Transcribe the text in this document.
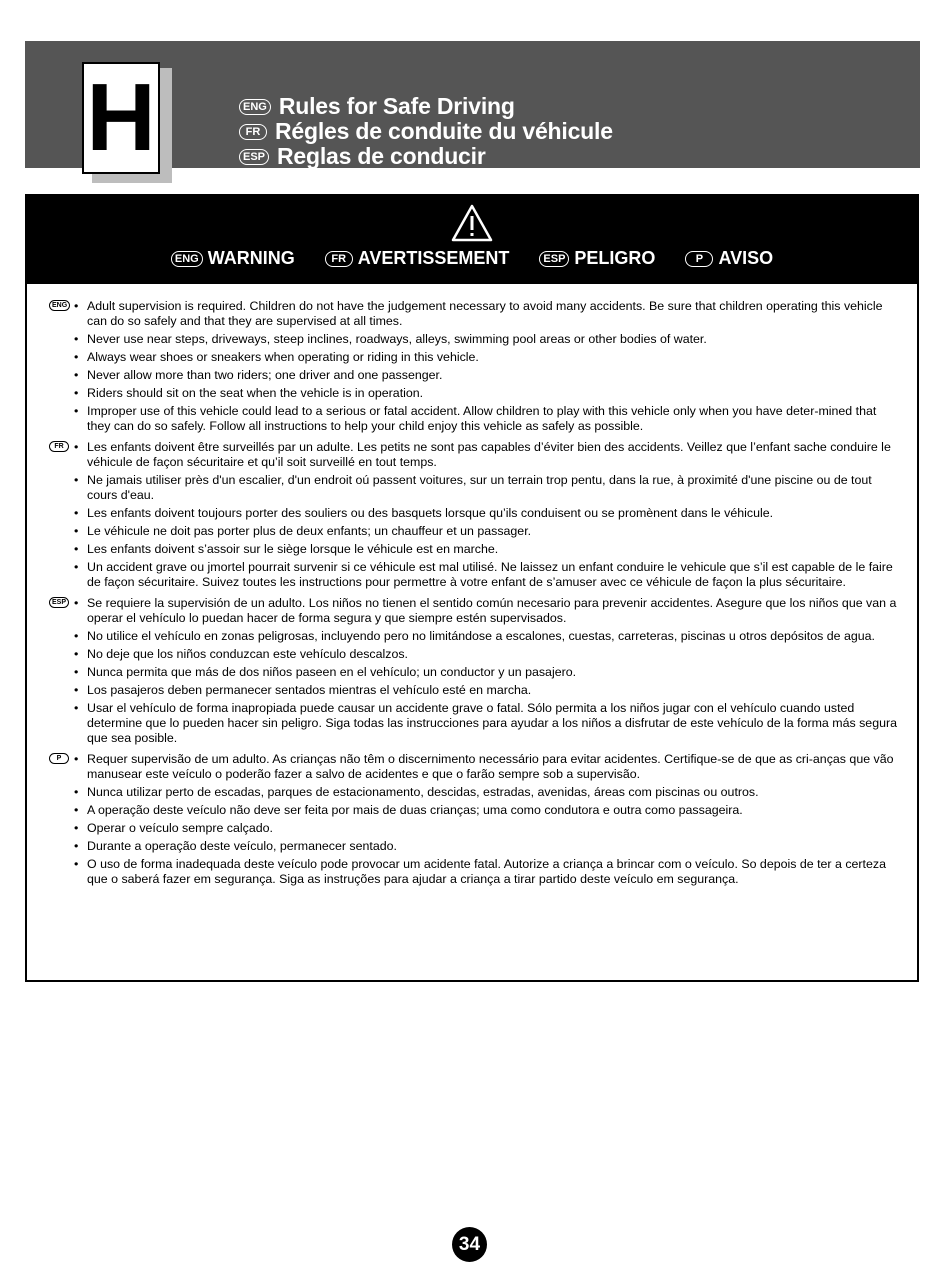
H	ENG Rules for Safe Driving
FR Régles de conduite du véhicule
ESP Reglas de conducir
P Regras Básicas para uma Condução Segura
ENG WARNING	FR AVERTISSEMENT	ESP PELIGRO	P AVISO
ENG • Adult supervision is required. Children do not have the judgement necessary to avoid many accidents. Be sure that children operating this vehicle can do so safely and that they are supervised at all times.
• Never use near steps, driveways, steep inclines, roadways, alleys, swimming pool areas or other bodies of water.
• Always wear shoes or sneakers when operating or riding in this vehicle.
• Never allow more than two riders; one driver and one passenger.
• Riders should sit on the seat when the vehicle is in operation.
• Improper use of this vehicle could lead to a serious or fatal accident. Allow children to play with this vehicle only when you have deter-mined that they can do so safely. Follow all instructions to help your child enjoy this vehicle as safely as possible.
FR • Les enfants doivent être surveillés par un adulte. Les petits ne sont pas capables d’éviter bien des accidents. Veillez que l’enfant sache conduire le véhicule de façon sécuritaire et qu’il soit surveillé en tout temps.
• Ne jamais utiliser près d'un escalier, d'un endroit oú passent voitures, sur un terrain trop pentu, dans la rue, à proximité d'une piscine ou de tout cours d'eau.
• Les enfants doivent toujours porter des souliers ou des basquets lorsque qu’ils conduisent ou se promènent dans le véhicule.
• Le véhicule ne doit pas porter plus de deux enfants; un chauffeur et un passager.
• Les enfants doivent s’assoir sur le siège lorsque le véhicule est en marche.
• Un accident grave ou jmortel pourrait survenir si ce véhicule est mal utilisé. Ne laissez un enfant conduire le vehicule que s’il est capable de le faire de façon sécuritaire. Suivez toutes les instructions pour permettre à votre enfant de s’amuser avec ce véhicule de façon la plus sécuritaire.
ESP • Se requiere la supervisión de un adulto. Los niños no tienen el sentido común necesario para prevenir accidentes. Asegure que los niños que van a operar el vehículo lo puedan hacer de forma segura y que siempre estén supervisados.
• No utilice el vehículo en zonas peligrosas, incluyendo pero no limitándose a escalones, cuestas, carreteras, piscinas u otros depósitos de agua.
• No deje que los niños conduzcan este vehículo descalzos.
• Nunca permita que más de dos niños paseen en el vehículo; un conductor y un pasajero.
• Los pasajeros deben permanecer sentados mientras el vehículo esté en marcha.
• Usar el vehículo de forma inapropiada puede causar un accidente grave o fatal. Sólo permita a los niños jugar con el vehículo cuando usted determine que lo pueden hacer sin peligro. Siga todas las instrucciones para ayudar a los niños a disfrutar de este vehículo de la forma más segura que sea posible.
P	• Requer supervisão de um adulto. As crianças não têm o discernimento necessário para evitar acidentes. Certifique-se de que as cri-anças que vão manusear este veículo o poderão fazer a salvo de acidentes e que o farão sempre sob a supervisão.
• Nunca utilizar perto de escadas, parques de estacionamento, descidas, estradas, avenidas, áreas com piscinas ou outros.
• A operação deste veículo não deve ser feita por mais de duas crianças; uma como condutora e outra como passageira.
• Operar o veículo sempre calçado.
• Durante a operação deste veículo, permanecer sentado.
• O uso de forma inadequada deste veículo pode provocar um acidente fatal. Autorize a criança a brincar com o veículo. So depois de ter a certeza que o saberá fazer em segurança. Siga as instruções para ajudar a criança a tirar partido deste veículo em segurança.
34
